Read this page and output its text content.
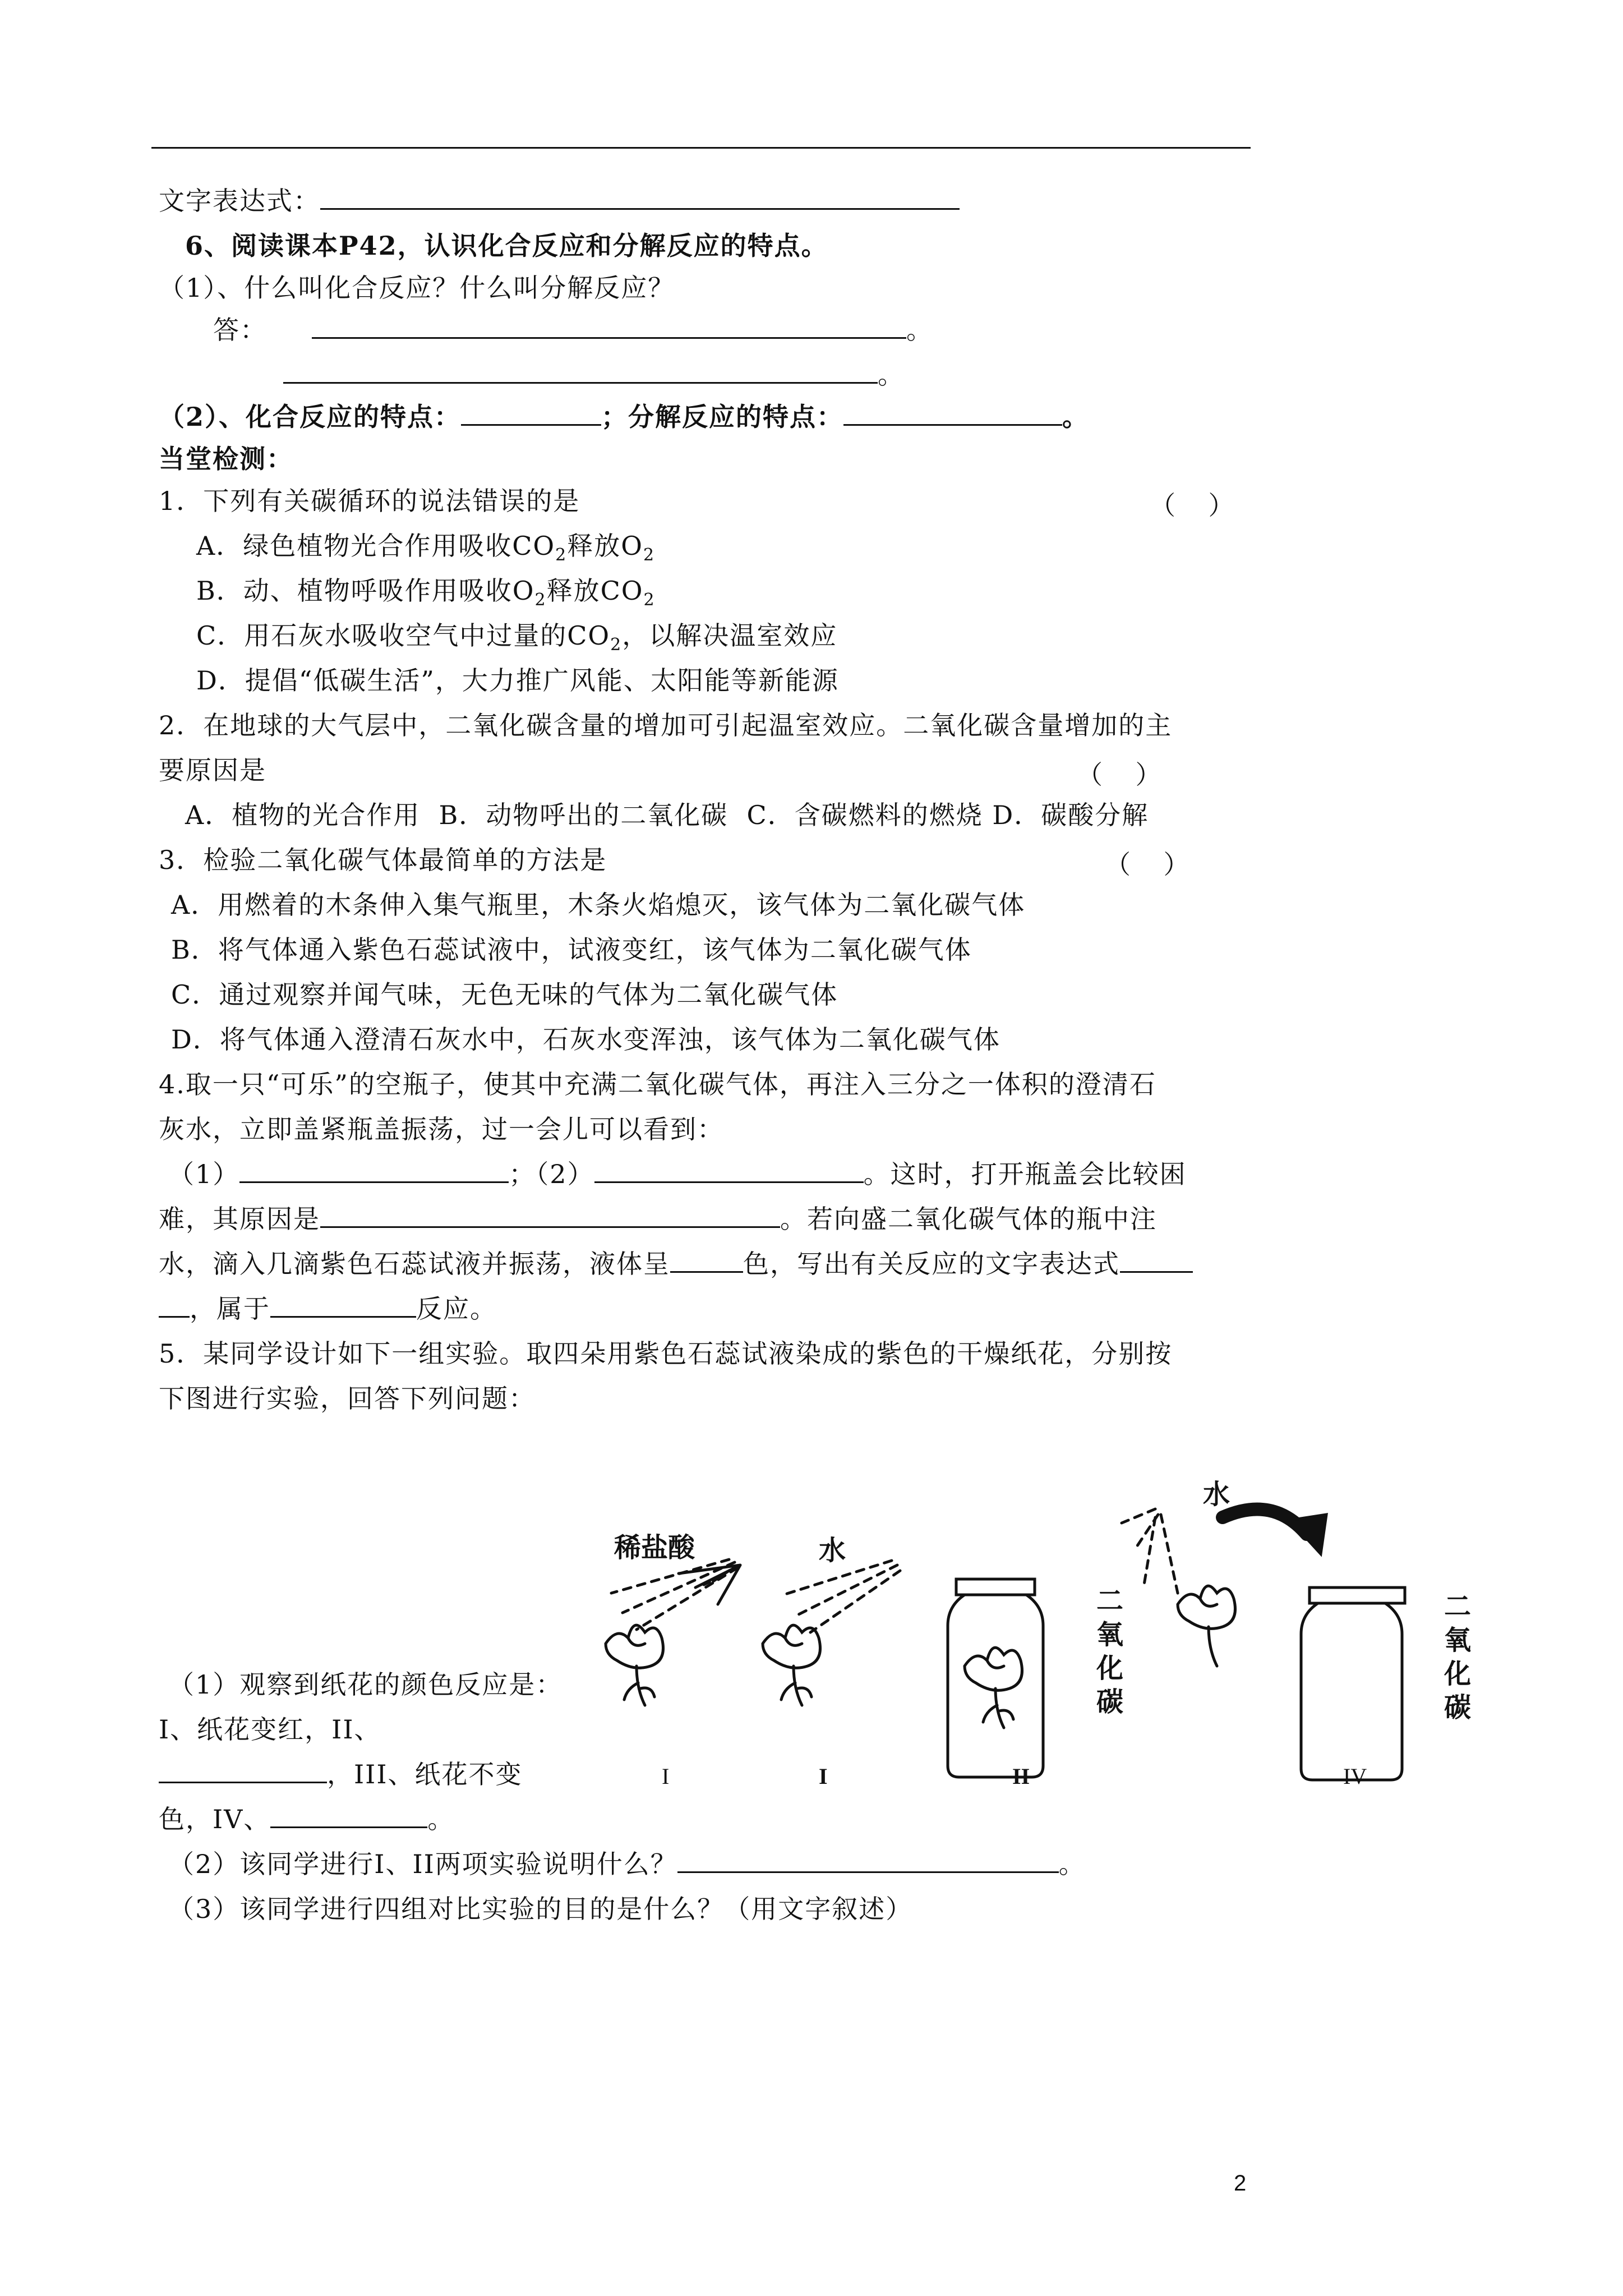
文字表达式：
6、阅读课本P42，认识化合反应和分解反应的特点。
（1）、什么叫化合反应？什么叫分解反应？
答：	。
。
（2）、化合反应的特点：	；分解反应的特点：	。
当堂检测：
1．下列有关碳循环的说法错误的是	（    ）
A．绿色植物光合作用吸收$CO_2$释放$O_2$
B．动、植物呼吸作用吸收$O_2$释放$CO_2$
C．用石灰水吸收空气中过量的$CO_2$，以解决温室效应
D．提倡“低碳生活”，大力推广风能、太阳能等新能源
2．在地球的大气层中，二氧化碳含量的增加可引起温室效应。二氧化碳含量增加的主
要原因是	（    ）
A．植物的光合作用  B．动物呼出的二氧化碳  C．含碳燃料的燃烧 D．碳酸分解
3．检验二氧化碳气体最简单的方法是	（    ）
A．用燃着的木条伸入集气瓶里，木条火焰熄灭，该气体为二氧化碳气体
B．将气体通入紫色石蕊试液中，试液变红，该气体为二氧化碳气体
C．通过观察并闻气味，无色无味的气体为二氧化碳气体
D．将气体通入澄清石灰水中，石灰水变浑浊，该气体为二氧化碳气体
4.取一只“可乐”的空瓶子，使其中充满二氧化碳气体，再注入三分之一体积的澄清石
灰水，立即盖紧瓶盖振荡，过一会儿可以看到：
（1）	；（2）	。这时，打开瓶盖会比较困
难，其原因是	。若向盛二氧化碳气体的瓶中注
水，滴入几滴紫色石蕊试液并振荡，液体呈	色，写出有关反应的文字表达式
，属于	反应。
5．某同学设计如下一组实验。取四朵用紫色石蕊试液染成的紫色的干燥纸花，分别按
下图进行实验，回答下列问题：
（1）观察到纸花的颜色反应是：
I、纸花变红，II、
，III、纸花不变
色，IV、	。
（2）该同学进行I、II两项实验说明什么？	。
（3）该同学进行四组对比实验的目的是什么？（用文字叙述）
稀盐酸	水
水
二
氧
化
碳
二
氧
化
碳
I	I	II	IV
2
